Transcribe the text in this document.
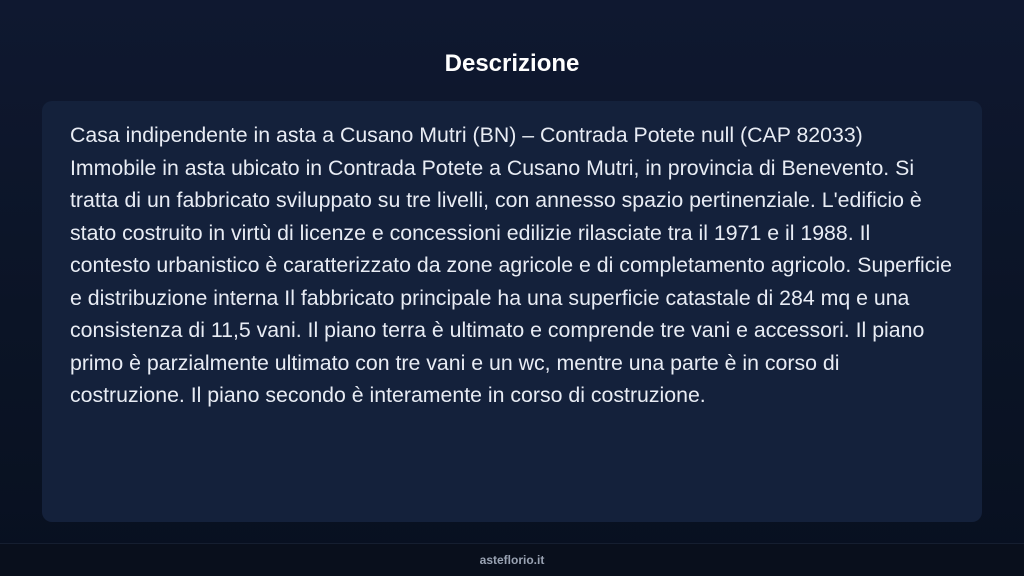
Descrizione

Casa indipendente in asta a Cusano Mutri (BN) – Contrada Potete null (CAP 82033) Immobile in asta ubicato in Contrada Potete a Cusano Mutri, in provincia di Benevento. Si tratta di un fabbricato sviluppato su tre livelli, con annesso spazio pertinenziale. L'edificio è stato costruito in virtù di licenze e concessioni edilizie rilasciate tra il 1971 e il 1988. Il contesto urbanistico è caratterizzato da zone agricole e di completamento agricolo. Superficie e distribuzione interna Il fabbricato principale ha una superficie catastale di 284 mq e una consistenza di 11,5 vani. Il piano terra è ultimato e comprende tre vani e accessori. Il piano primo è parzialmente ultimato con tre vani e un wc, mentre una parte è in corso di costruzione. Il piano secondo è interamente in corso di costruzione.

asteflorio.it
